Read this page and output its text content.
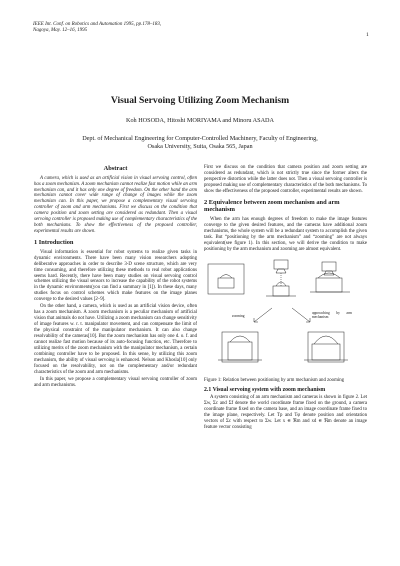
IEEE Int. Conf. on Robotics and Automation 1995, pp.178–183,
Nagoya, May. 12–16, 1995
1
Visual Servoing Utilizing Zoom Mechanism
Koh HOSODA, Hitoshi MORIYAMA and Minoru ASADA
Dept. of Mechanical Engineering for Computer-Controlled Machinery, Faculty of Engineering,
Osaka University, Suita, Osaka 565, Japan
Abstract

A camera, which is used as an artificial vision in visual servoing control, often has a zoom mechanism. A zoom mechanism cannot realize fast motion while an arm mechanism can, and it has only one degree of freedom. On the other hand the arm mechanism cannot cover wide range of change of images while the zoom mechanism can. In this paper, we propose a complementary visual servoing controller of zoom and arm mechanisms. First we discuss on the condition that camera position and zoom setting are considered as redundant. Then a visual servoing controller is proposed making use of complementary characteristics of the both mechanisms. To show the effectiveness of the proposed controller, experimental results are shown.

1 Introduction

Visual information is essential for robot systems to realize given tasks in dynamic environments. There have been many vision researchers adopting deliberative approaches in order to describe 3-D scene structure, which are very time consuming, and therefore utilizing these methods to real robot applications seems hard. Recently, there have been many studies on visual servoing control schemes utilizing the visual sensors to increase the capability of the robot systems in the dynamic environments(you can find a summary in [1]). In these days, many studies focus on control schemes which make features on the image planes converge to the desired values [2–9].

On the other hand, a camera, which is used as an artificial vision device, often has a zoom mechanism. A zoom mechanism is a peculiar mechanism of artificial vision that animals do not have. Utilizing a zoom mechanism can change sensitivity of image features w. r. t. manipulator movement, and can compensate the limit of the physical constraint of the manipulator mechanism. It can also change resolvability of the cameras[10]. But the zoom mechanism has only one d. o. f. and cannot realize fast motion because of its auto-focusing function, etc. Therefore to utilizing merits of the zoom mechanism with the manipulator mechanism, a certain combining controller have to be proposed. In this sense, by utilizing this zoom mechanism, the ability of visual servoing is enhanced. Nelson and Khosla[10] only focused on the resolvability, not on the complementary and/or redundant characteristics of the zoom and arm mechanisms.

In this paper, we propose a complementary visual servoing controller of zoom and arm mechanisms.

First we discuss on the condition that camera position and zoom setting are considered as redundant, which is not strictly true since the former alters the perspective distortion while the latter does not. Then a visual servoing controller is proposed making use of complementary characteristics of the both mechanisms. To show the effectiveness of the proposed controller, experimental results are shown.

2 Equivalence between zoom mechanism and arm mechanism

When the arm has enough degrees of freedom to make the image features converge to the given desired features, and the cameras have additional zoom mechanisms, the whole system will be a redundant system to accomplish the given task. But “positioning by the arm mechanism” and “zooming” are not always equivalent(see figure 1). In this section, we will derive the condition to make positioning by the arm mechanism and zooming are almost equivalent.

zooming
approaching by arm mechanism

Figure 1: Relation between positioning by arm mechanism and zooming

2.1 Visual servoing system with zoom mechanism

A system consisting of an arm mechanism and cameras is shown in figure 2. Let Σw, Σc and Σf denote the world coordinate frame fixed on the ground, a camera coordinate frame fixed on the camera base, and an image coordinate frame fixed to the image plane, respectively. Let Tp and Tφ denote position and orientation vectors of Σc with respect to Σw. Let x ∈ ℜm and xd ∈ ℜm denote an image feature vector consisting
